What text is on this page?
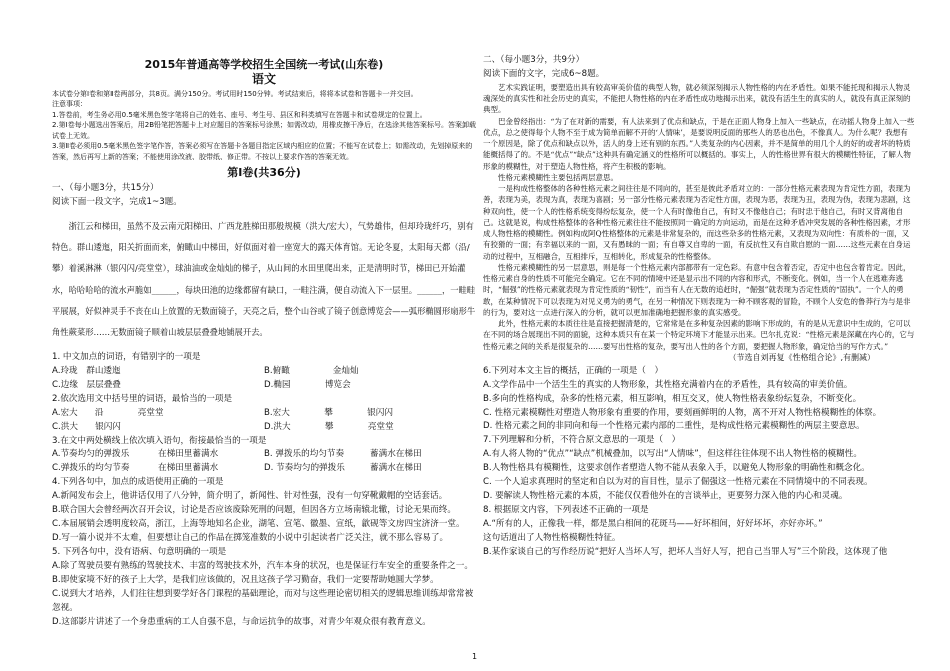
2015年普通高等学校招生全国统一考试(山东卷)
语文

本试卷分第Ⅰ卷和第Ⅱ卷两部分，共8页。满分150分。考试用时150分钟。考试结束后，将将本试卷和答题卡一并交回。

注意事项：

1.答卷前，考生务必用0.5毫米黑色签字笔将自己的姓名、座号、考生号、县区和科类填写在答题卡和试卷规定的位置上。

2.第Ⅰ卷每小题选出答案后，用2B铅笔把答题卡上对应题目的答案标号涂黑；如需改动，用橡皮擦干净后，在选涂其他答案标号。答案卸载试卷上无效。

3.第Ⅱ卷必须用0.5毫米黑色签字笔作答，答案必须写在答题卡各题目指定区域内相应的位置；不能写在试卷上；如需改动，先划掉原来的答案，然后再写上新的答案；不能使用涂改液、胶带纸、修正带。不按以上要求作答的答案无效。

第Ⅰ卷(共36分)

一、（每小题3分，共15分）

阅读下面一段文字，完成1~3题。

浙江云和梯田，虽然不及云南元阳梯田、广西龙胜梯田那般规模（洪大/宏大），气势雄伟，但却玲珑纤巧，别有特色。群山逶迤，阳关折面而来，俯瞰山中梯田，好似面对着一座宽大的露天体育馆。无论冬夏，太阳每天都（沿/攀）着溪淋淋（银闪闪/亮堂堂），球油油或金灿灿的梯子，从山间的水田里爬出来，正是清明时节，梯田已开始灌水，哈哈哈哈的流水声脆如______，每块田池的边缘都留有缺口，一畦注满，便自动流入下一层里。______，一畦畦平展展，好似神灵手不丧在山上放置的无数面镜子，天亮之后，整个山谷或了镜子创意博览会——弧形椭圆形扇形牛角性蕨菜形……无数面镜子顺着山坡层层叠叠地铺展开去。

1. 中文加点的词语，有错别字的一项是

A.玲珑　群山逶迤	B.俯瞰　　　　　金灿灿
C.边缘　层层叠叠	D.椭园　　　　博览会

2.依次选用文中括号里的词语，最恰当的一项是

A.宏大　　沿　　　　亮堂堂	B.宏大　　　　攀　　　　银闪闪
C.洪大　　银闪闪　　　　　	D.洪大　　　　攀　　　　亮堂堂

3.在文中两处横线上依次填入语句，衔接最恰当的一项是

A.节奏均匀的弹拨乐	在梯田里蓄满水	B. 弹拨乐的均匀节奏	蓄满水在梯田
C.弹拨乐的均匀节奏	在梯田里蓄满水	D. 节奏均匀的弹拨乐	蓄满水在梯田

4.下列各句中，加点的成语使用正确的一项是

A.新闻发布会上，他讲话仅用了八分钟，简介明了，新闻性、针对性强，没有一句穿靴戴帽的空话套话。

B.联合国大会曾经两次召开会议，讨论是否应该废除死刑的问题，但因各方立场南辕北辙，讨论无果而终。

C.本届展销会透明度较高，浙江，上海等地知名企业，湖笔、宣笔、徽墨、宣纸，歙砚等文房四宝济济一堂。

D.写一篇小说并不太难，但要想让自己的作品在掷笼准数的小说中引起读者广泛关注，就不那么容易了。

5. 下列各句中，没有语病、句意明确的一项是

A.除了驾驶员要有熟练的驾驶技术、丰富的驾驶技术外，汽车本身的状况，也是保证行车安全的重要条件之一。

B.即使家境不好的孩子上大学，是我们应该做的，况且这孩子学习勤奋，我们一定要帮助她圆大学梦。

C.说到大才培养，人们往往想到要学好各门课程的基础理论，而对与这些理论密切相关的逻辑思维训练却常常被忽视。

D.这部影片讲述了一个身患重病的工人自强不息，与命运抗争的故事，对青少年观众很有教育意义。

二、（每小题3分，共9分）

阅读下面的文字，完成6~8题。

艺术实践证明，要塑造出具有较高审美价值的典型人物，就必须深刻揭示人物性格的内在矛盾性。如果不能托现和揭示人物灵魂深处的真实性和社会历史的真实，不能把人物性格的内在矛盾性成功地揭示出来，就没有活生生的真实的人，就没有真正深刻的典型。

巴金曾经指出：“为了在对新的需要，有人法来到了优点和缺点，于是在正面人物身上加入一些缺点，在动摇人物身上加入一些优点，总之使得每个人物不至于成为简单而解不开的‘人情味’，是要说明反面的那些人的恶也出色，不像真人。为什么呢？我想有一个原因是，除了优点和缺点以外，活人的身上还有别的东西。”人类复杂的内心因素，并不是简单的用几个人的好的或者坏的特质能概括得了的。不是“优点”“缺点”这种具有确定涵义的性格所可以概括的。事实上，人的性格世界有很大的模糊性特征，了解人物形象的模糊性，对于塑造人物性格，将产生积极的影响。

性格元素模糊性主要包括两层意思。

一是构成性格整体的各种性格元素之间往往是不同向的，甚至是彼此矛盾对立的：一部分性格元素表现为肯定性方面，表现为善，表现为美，表现为真，表现为喜剧；另一部分性格元素表现为否定性方面，表现为恶，表现为丑，表现为伪，表现为悲剧，这种双向性，使一个人的性格系统变得纷纭复杂，使一个人有时像他自己，有时又不像他自己；有时忠于他自己，有时又背离他自己。这就是说，构成性格整体的各种性格元素往往不能按照同一确定的方向运动，而是在这种矛盾冲突发展的各种性格因素，才形成人物性格的模糊性。例如构成阿Q性格整体的元素是非常复杂的，而这些杂多的性格元素，又表现为双向性：有质朴的一面，又有狡猾的一面；有幸福以来的一面，又有愚昧的一面；有自尊又自卑的一面，有反抗性又有自欺自慰的一面……这些元素在自身运动的过程中，互相融合，互相排斥，互相转化，形成复杂的性格整体。

性格元素模糊性的另一层意思，则是每一个性格元素内部都带有一定色彩。有意中包含着否定，否定中也包含着肯定。因此，性格元素自身的性质不可能完全确定。它在不同的情境中还是显示出不同的内容和形式，不断变化。例如，当一个人在逃难奔逃时，“倔强”的性格元素就表现为肯定性质的“韧性”，而当有人在无数的追赶时，“倔强”就表现为否定性质的“固执”。一个人的勇敢，在某种情况下可以表现为对见义勇为的勇气，在另一种情况下则表现为一种不顾客观的冒险，不顾个人安危的鲁莽行为与是非的行为，要对这一点进行深入的分析，就可以更加准确地把握形象的真实感受。

此外，性格元素的本质往往是直接把握清楚的，它常常是在多种复杂因素的影响下形成的，有的是从无意识中生成的，它可以在不同的场合展现出不同的面貌，这种本质只有在某一个特定环境下才能显示出来。巴尔扎克说：“性格元素是深藏在内心的，它与性格元素之间的关系是很复杂的……要写出性格的复杂，要写出人性的各个方面，要把握人物形象，确定恰当的写作方式。”

（节选自刘再复《性格组合论》,有删减）

6.下列对本文主旨的概括，正确的一项是（　）

A.文学作品中一个活生生的真实的人物形象，其性格充满着内在的矛盾性，具有较高的审美价值。

B.多向的性格构成，杂多的性格元素，相互影响，相互交叉，使人物性格表象纷纭复杂，不断变化。

C. 性格元素模糊性对塑造人物形象有重要的作用，要刻画鲜明的人物，离不开对人物性格模糊性的体察。

D. 性格元素之间的非同向和每一个性格元素内部的二重性，是构成性格元素模糊性的两层主要意思。

7.下列理解和分析，不符合原文意思的一项是（　）

A.有人将人物的“优点”“缺点”机械叠加，以写出“人情味”，但这样往往体现不出人物性格的模糊性。

B.人物性格具有模糊性，这要求创作者塑造人物不能从表象入手，以避免人物形象的明确性和概念化。

C. 一个人追求真理时的坚定和自以为对的盲目性，显示了倔强这一性格元素在不同情境中的不同表现。

D. 要解读人物性格元素的本质，不能仅仅看他外在的言谈举止，更要努力深入他的内心和灵魂。

8. 根据原文内容，下列表述不正确的一项是

A.“所有的人，正像我一样，都是黑白相间的花斑马——好坏相间，好好坏坏，亦好亦坏。”

这句话道出了人物性格模糊性特征。

B.某作家谈自己的写作经历说“把好人当坏人写，把坏人当好人写，把自己当罪人写”三个阶段，这体现了他

1
